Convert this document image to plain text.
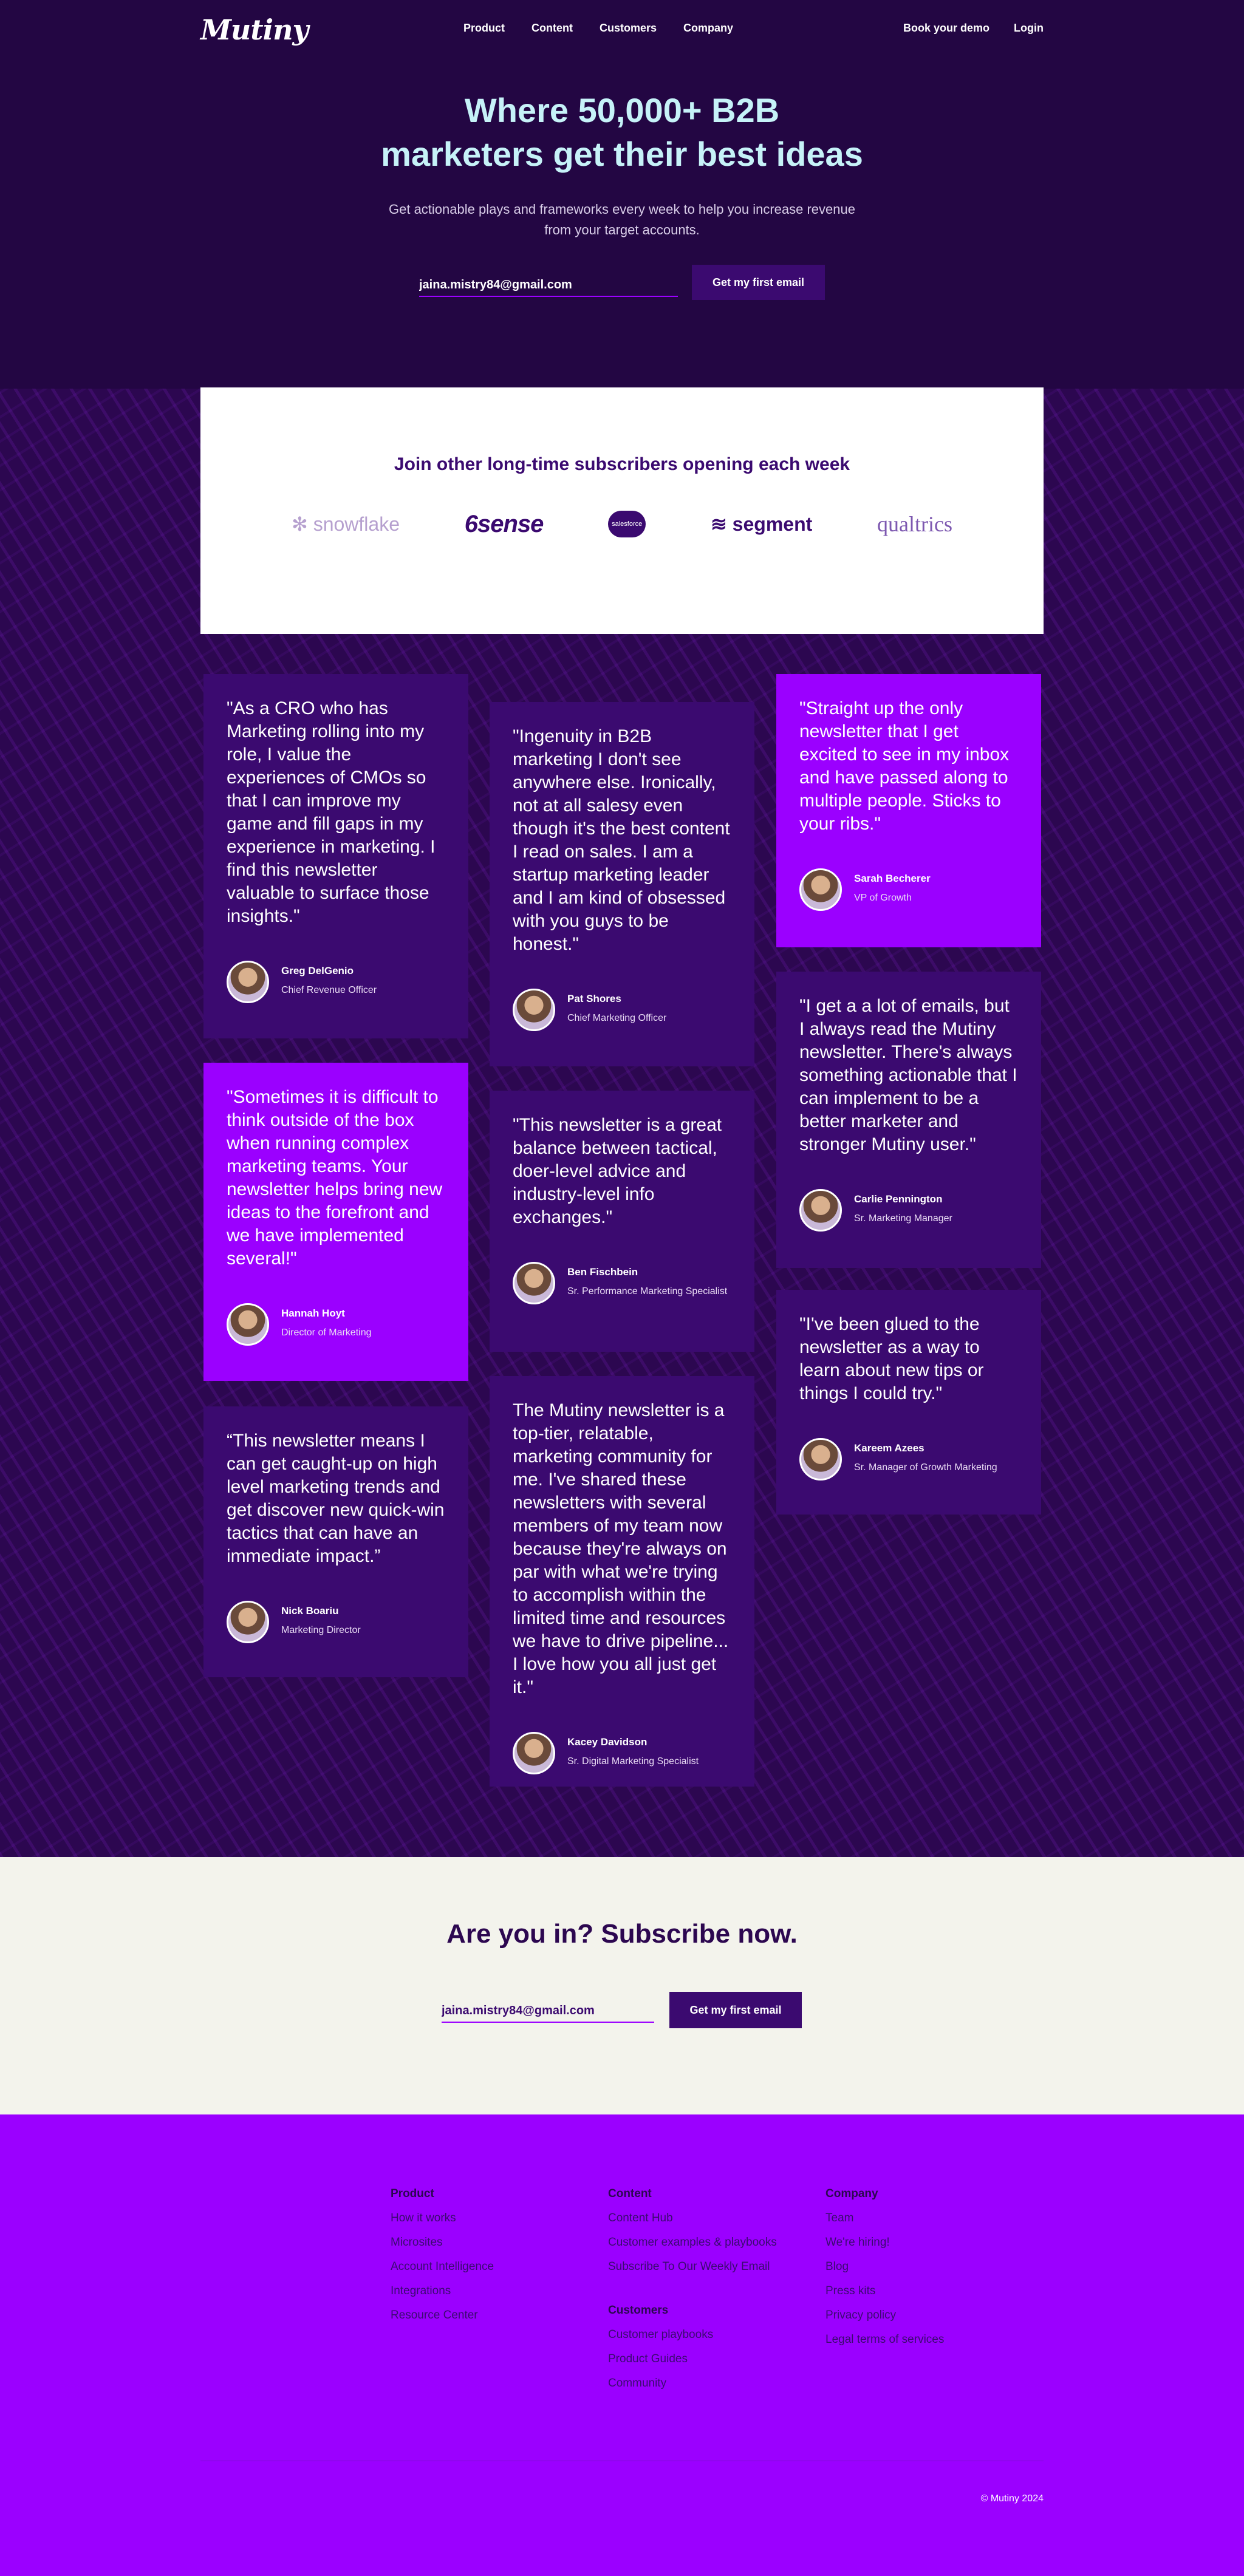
Mutiny	Product Content Customers Company	Book your demo Login
Where 50,000+ B2B
marketers get their best ideas
Get actionable plays and frameworks every week to help you increase revenue from your target accounts.
jaina.mistry84@gmail.com
Get my first email
Join other long-time subscribers opening each week
✻ snowflake	6sense	salesforce	≋ segment	qualtrics
"As a CRO who has Marketing rolling into my role, I value the experiences of CMOs so that I can improve my game and fill gaps in my experience in marketing. I find this newsletter valuable to surface those insights."
Greg DelGenio
Chief Revenue Officer
"Sometimes it is difficult to think outside of the box when running complex marketing teams. Your newsletter helps bring new ideas to the forefront and we have implemented several!"
Hannah Hoyt
Director of Marketing
“This newsletter means I can get caught-up on high level marketing trends and get discover new quick-win tactics that can have an immediate impact.”
Nick Boariu
Marketing Director
"Ingenuity in B2B marketing I don't see anywhere else. Ironically, not at all salesy even though it's the best content I read on sales. I am a startup marketing leader and I am kind of obsessed with you guys to be honest."
Pat Shores
Chief Marketing Officer
"This newsletter is a great balance between tactical, doer-level advice and industry-level info exchanges."
Ben Fischbein
Sr. Performance Marketing Specialist
The Mutiny newsletter is a top-tier, relatable, marketing community for me. I've shared these newsletters with several members of my team now because they're always on par with what we're trying to accomplish within the limited time and resources we have to drive pipeline... I love how you all just get it."
Kacey Davidson
Sr. Digital Marketing Specialist
"Straight up the only newsletter that I get excited to see in my inbox and have passed along to multiple people. Sticks to your ribs."
Sarah Becherer
VP of Growth
"I get a a lot of emails, but I always read the Mutiny newsletter. There's always something actionable that I can implement to be a better marketer and stronger Mutiny user."
Carlie Pennington
Sr. Marketing Manager
"I've been glued to the newsletter as a way to learn about new tips or things I could try."
Kareem Azees
Sr. Manager of Growth Marketing
Are you in? Subscribe now.
jaina.mistry84@gmail.com
Get my first email
Product
How it works
Microsites
Account Intelligence
Integrations
Resource Center
Content
Content Hub
Customer examples & playbooks
Subscribe To Our Weekly Email
Customers
Customer playbooks
Product Guides
Community
Company
Team
We're hiring!
Blog
Press kits
Privacy policy
Legal terms of services
© Mutiny 2024
